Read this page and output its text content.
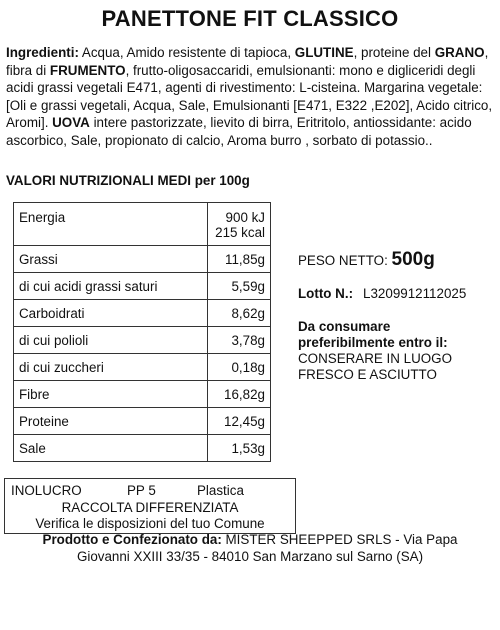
PANETTONE FIT CLASSICO
Ingredienti: Acqua, Amido resistente di tapioca, GLUTINE, proteine del GRANO, fibra di FRUMENTO, frutto-oligosaccaridi, emulsionanti: mono e digliceridi degli acidi grassi vegetali E471, agenti di rivestimento: L-cisteina. Margarina vegetale: [Oli e grassi vegetali, Acqua, Sale, Emulsionanti [E471, E322 ,E202], Acido citrico, Aromi]. UOVA intere pastorizzate, lievito di birra, Eritritolo, antiossidante: acido ascorbico, Sale, propionato di calcio, Aroma burro , sorbato di potassio..
VALORI NUTRIZIONALI MEDI per 100g
Energia	900 kJ
215 kcal

Grassi	11,85g
di cui acidi grassi saturi	5,59g
Carboidrati	8,62g
di cui polioli	3,78g
di cui zuccheri	0,18g
Fibre	16,82g
Proteine	12,45g
Sale	1,53g
PESO NETTO: 500g
Lotto N.: L3209912112025
Da consumare
preferibilmente entro il:
CONSERARE IN LUOGO
FRESCO E ASCIUTTO
INOLUCRO	PP 5	Plastica
RACCOLTA DIFFERENZIATA
Verifica le disposizioni del tuo Comune
Prodotto e Confezionato da: MISTER SHEEPPED SRLS - Via Papa
Giovanni XXIII 33/35 - 84010 San Marzano sul Sarno (SA)
